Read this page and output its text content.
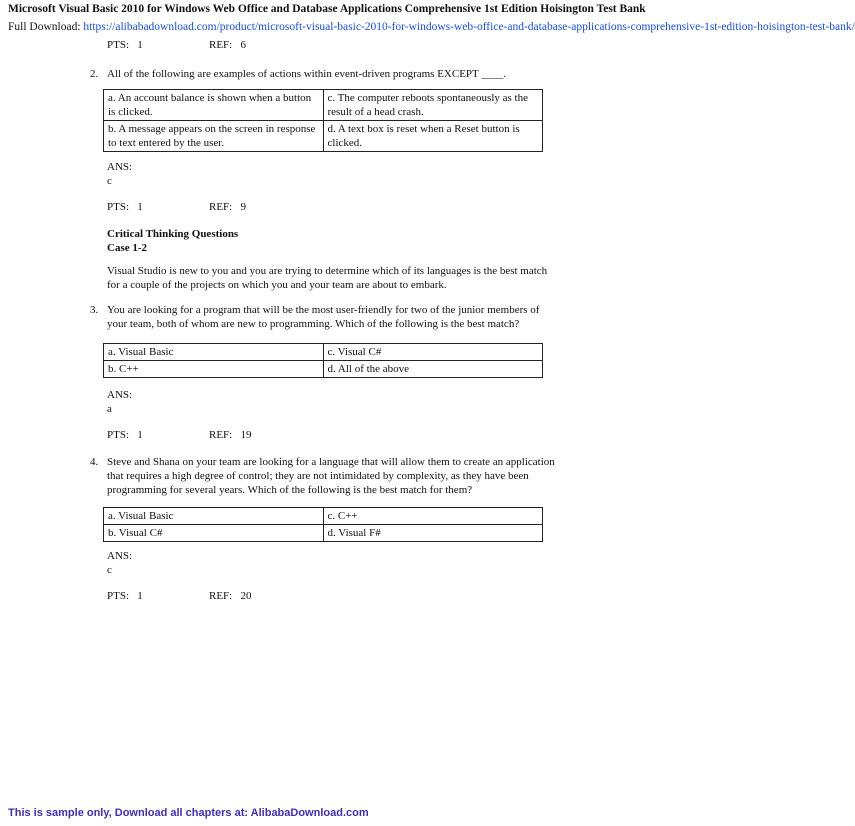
Microsoft Visual Basic 2010 for Windows Web Office and Database Applications Comprehensive 1st Edition Hoisington Test Bank
Full Download: https://alibabadownload.com/product/microsoft-visual-basic-2010-for-windows-web-office-and-database-applications-comprehensive-1st-edition-hoisington-test-bank/
PTS: 1	REF: 6
2. All of the following are examples of actions within event-driven programs EXCEPT ____.
a. An account balance is shown when a button is clicked.	c. The computer reboots spontaneously as the result of a head crash.
b. A message appears on the screen in response to text entered by the user.	d. A text box is reset when a Reset button is clicked.
ANS:
c
PTS: 1	REF: 9
Critical Thinking Questions
Case 1-2
Visual Studio is new to you and you are trying to determine which of its languages is the best match for a couple of the projects on which you and your team are about to embark.
3. You are looking for a program that will be the most user-friendly for two of the junior members of your team, both of whom are new to programming. Which of the following is the best match?
a. Visual Basic	c. Visual C#
b. C++	d. All of the above
ANS:
a
PTS: 1	REF: 19
4. Steve and Shana on your team are looking for a language that will allow them to create an application that requires a high degree of control; they are not intimidated by complexity, as they have been programming for several years. Which of the following is the best match for them?
a. Visual Basic	c. C++
b. Visual C#	d. Visual F#
ANS:
c
PTS: 1	REF: 20
This is sample only, Download all chapters at: AlibabaDownload.com
